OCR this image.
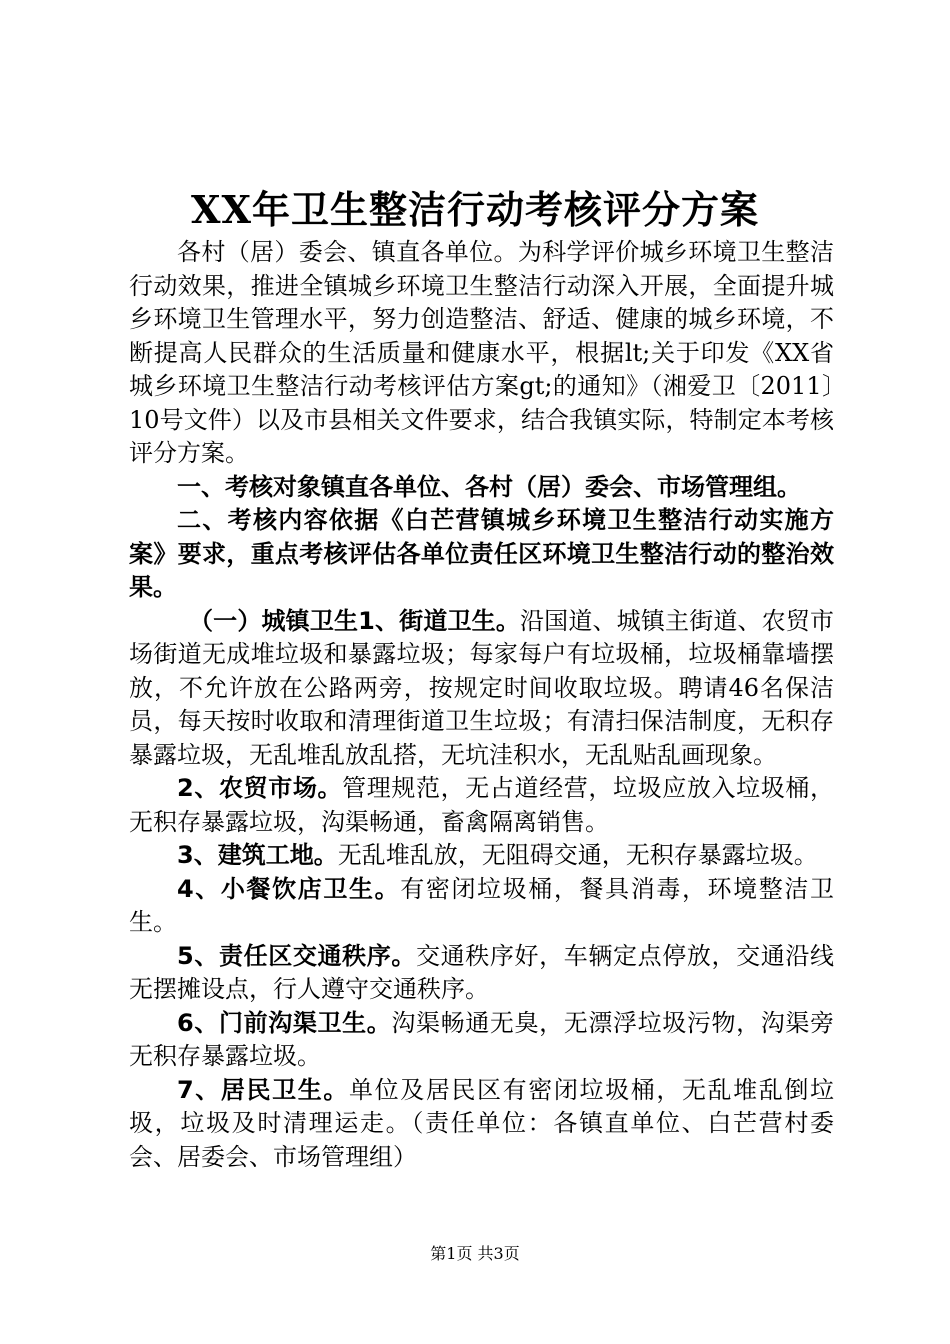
XX年卫生整洁行动考核评分方案

各村（居）委会、镇直各单位。为科学评价城乡环境卫生整洁行动效果，推进全镇城乡环境卫生整洁行动深入开展，全面提升城乡环境卫生管理水平，努力创造整洁、舒适、健康的城乡环境，不断提高人民群众的生活质量和健康水平，根据lt;关于印发《XX省城乡环境卫生整洁行动考核评估方案gt;的通知》（湘爱卫〔2011〕10号文件）以及市县相关文件要求，结合我镇实际，特制定本考核评分方案。

一、考核对象镇直各单位、各村（居）委会、市场管理组。

二、考核内容依据《白芒营镇城乡环境卫生整洁行动实施方案》要求，重点考核评估各单位责任区环境卫生整洁行动的整治效果。

（一）城镇卫生1、街道卫生。沿国道、城镇主街道、农贸市场街道无成堆垃圾和暴露垃圾；每家每户有垃圾桶，垃圾桶靠墙摆放，不允许放在公路两旁，按规定时间收取垃圾。聘请46名保洁员，每天按时收取和清理街道卫生垃圾；有清扫保洁制度，无积存暴露垃圾，无乱堆乱放乱搭，无坑洼积水，无乱贴乱画现象。

2、农贸市场。管理规范，无占道经营，垃圾应放入垃圾桶，无积存暴露垃圾，沟渠畅通，畜禽隔离销售。

3、建筑工地。无乱堆乱放，无阻碍交通，无积存暴露垃圾。

4、小餐饮店卫生。有密闭垃圾桶，餐具消毒，环境整洁卫生。

5、责任区交通秩序。交通秩序好，车辆定点停放，交通沿线无摆摊设点，行人遵守交通秩序。

6、门前沟渠卫生。沟渠畅通无臭，无漂浮垃圾污物，沟渠旁无积存暴露垃圾。

7、居民卫生。单位及居民区有密闭垃圾桶，无乱堆乱倒垃圾，垃圾及时清理运走。（责任单位：各镇直单位、白芒营村委会、居委会、市场管理组）

第1页 共3页
